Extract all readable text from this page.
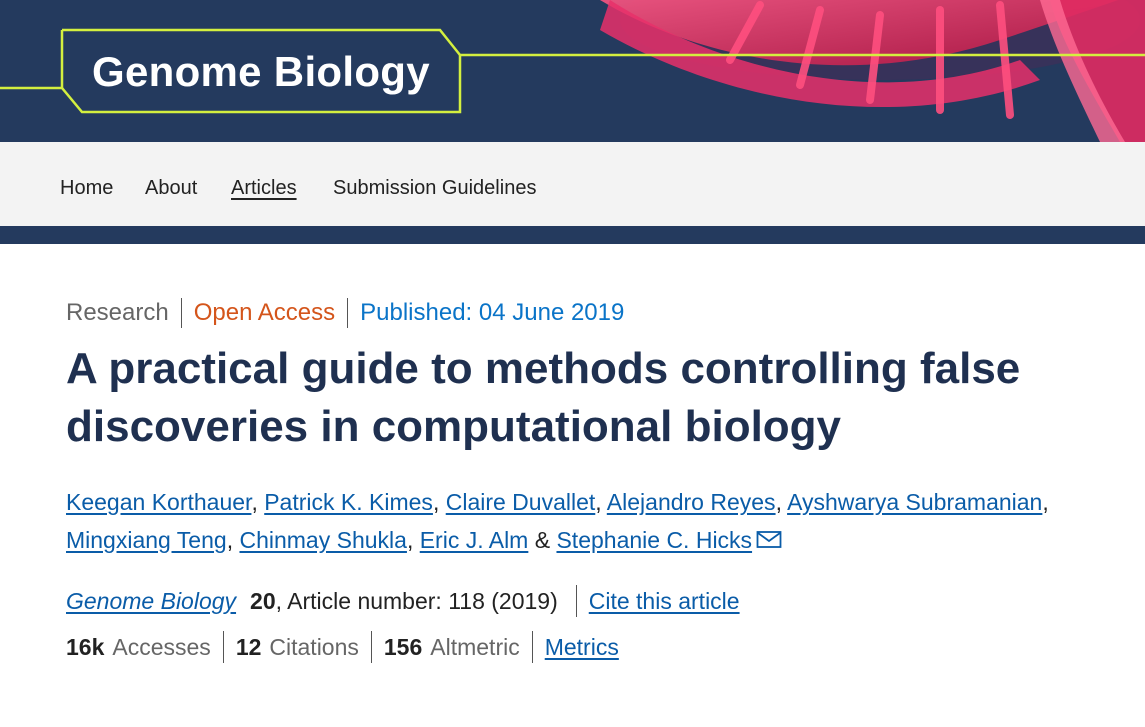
Genome Biology
Home About Articles Submission Guidelines
Research Open Access Published: 04 June 2019
A practical guide to methods controlling false discoveries in computational biology

Keegan Korthauer, Patrick K. Kimes, Claire Duvallet, Alejandro Reyes, Ayshwarya Subramanian, Mingxiang Teng, Chinmay Shukla, Eric J. Alm & Stephanie C. Hicks

Genome Biology 20 , Article number: 118 (2019) Cite this article
16k Accesses 12 Citations 156 Altmetric Metrics
